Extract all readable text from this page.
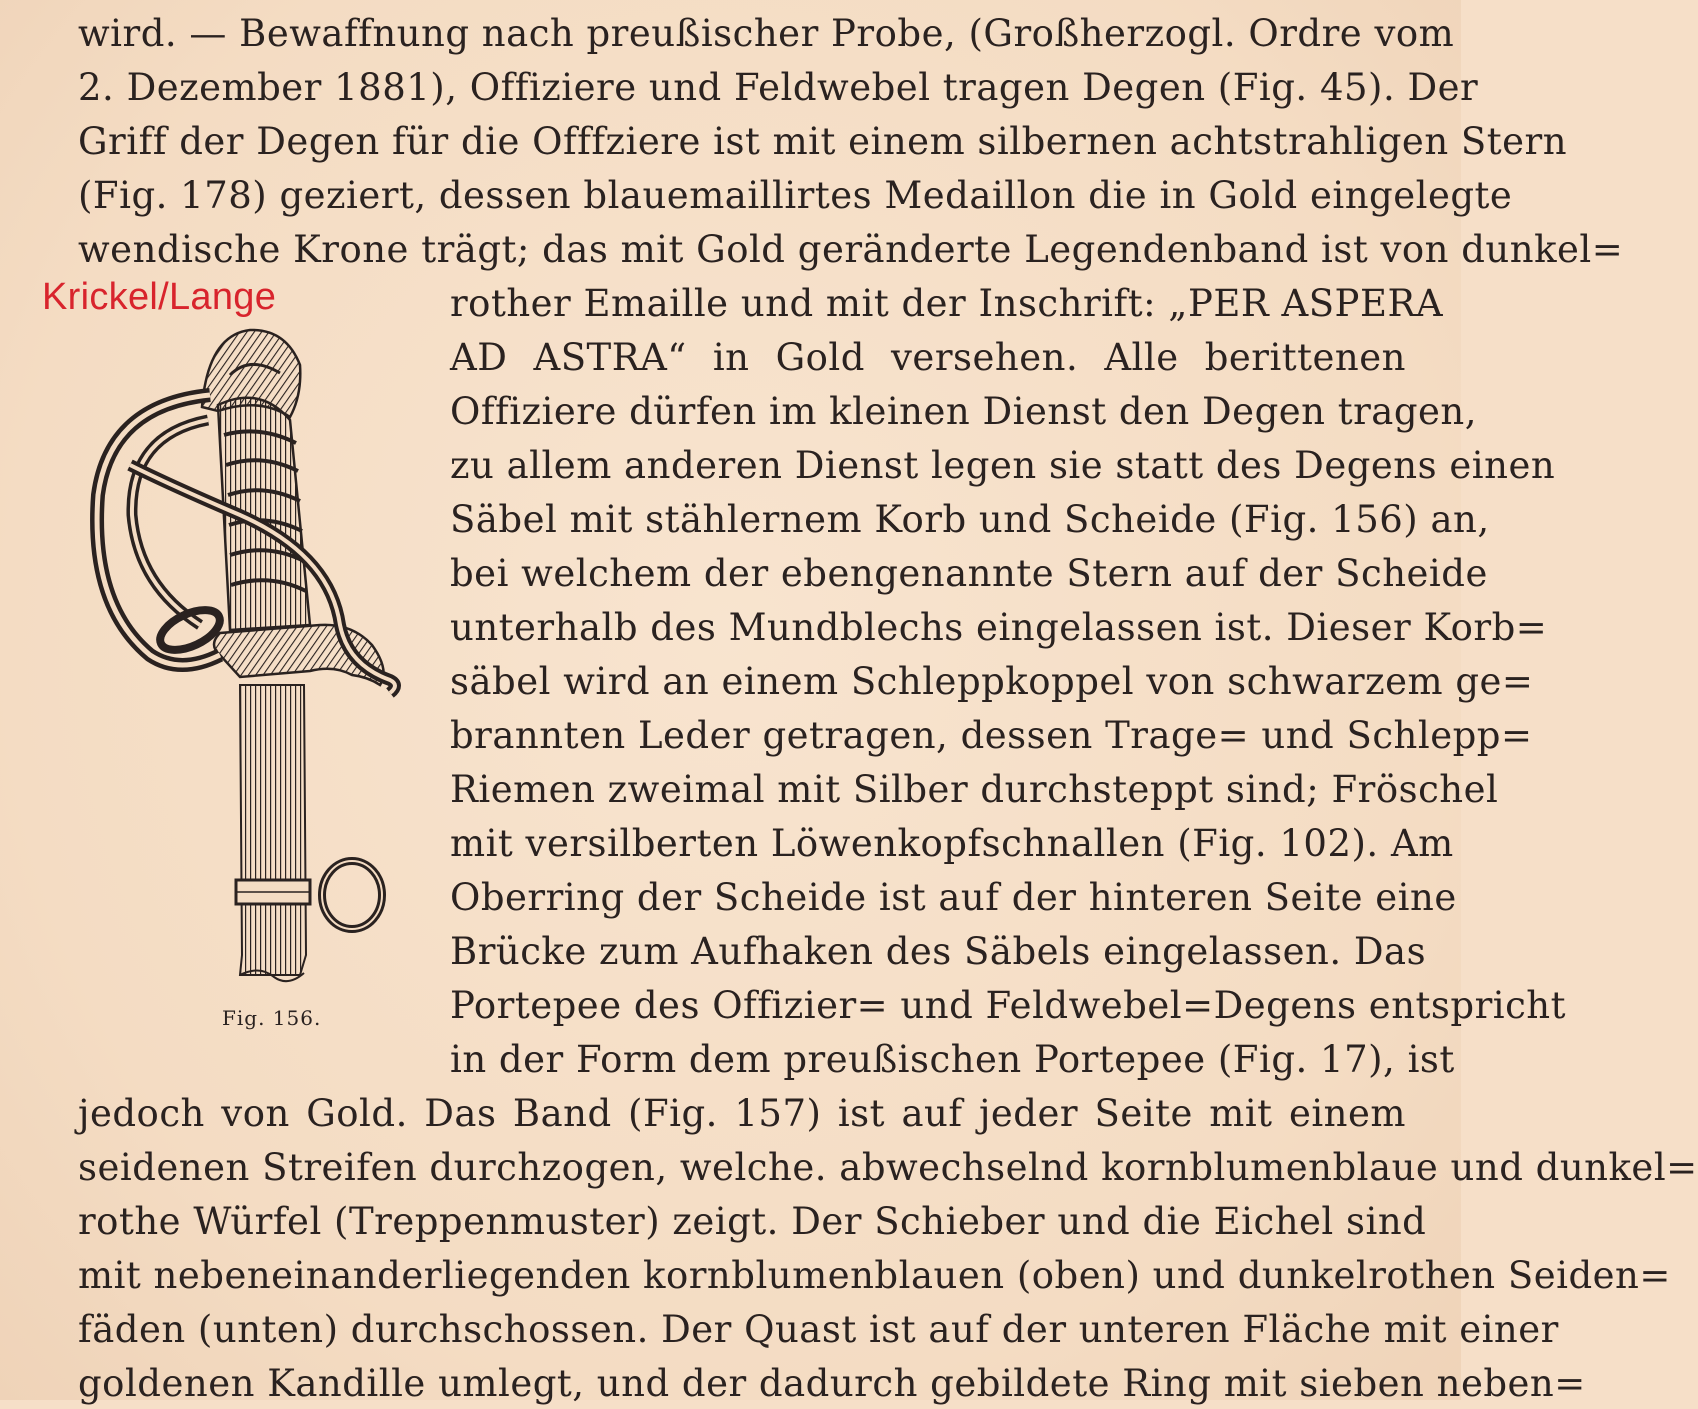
wird. — Bewaffnung nach preußischer Probe, (Großherzogl. Ordre vom
2. Dezember 1881), Offiziere und Feldwebel tragen Degen (Fig. 45). Der
Griff der Degen für die Offfziere ist mit einem silbernen achtstrahligen Stern
(Fig. 178) geziert, dessen blauemaillirtes Medaillon die in Gold eingelegte
wendische Krone trägt; das mit Gold geränderte Legendenband ist von dunkel=
Krickel/Lange	rother Emaille und mit der Inschrift: „PER ASPERA
AD ASTRA“ in Gold versehen. Alle berittenen
Offiziere dürfen im kleinen Dienst den Degen tragen,
zu allem anderen Dienst legen sie statt des Degens einen
Säbel mit stählernem Korb und Scheide (Fig. 156) an,
bei welchem der ebengenannte Stern auf der Scheide
unterhalb des Mundblechs eingelassen ist. Dieser Korb=
säbel wird an einem Schleppkoppel von schwarzem ge=
brannten Leder getragen, dessen Trage= und Schlepp=
Riemen zweimal mit Silber durchsteppt sind; Fröschel
mit versilberten Löwenkopfschnallen (Fig. 102). Am
Oberring der Scheide ist auf der hinteren Seite eine
Brücke zum Aufhaken des Säbels eingelassen. Das
Portepee des Offizier= und Feldwebel=Degens entspricht
in der Form dem preußischen Portepee (Fig. 17), ist
jedoch von Gold. Das Band (Fig. 157) ist auf jeder Seite mit einem
seidenen Streifen durchzogen, welche. abwechselnd kornblumenblaue und dunkel=
rothe Würfel (Treppenmuster) zeigt. Der Schieber und die Eichel sind
mit nebeneinanderliegenden kornblumenblauen (oben) und dunkelrothen Seiden=
fäden (unten) durchschossen. Der Quast ist auf der unteren Fläche mit einer
goldenen Kandille umlegt, und der dadurch gebildete Ring mit sieben neben=
Fig. 156.
